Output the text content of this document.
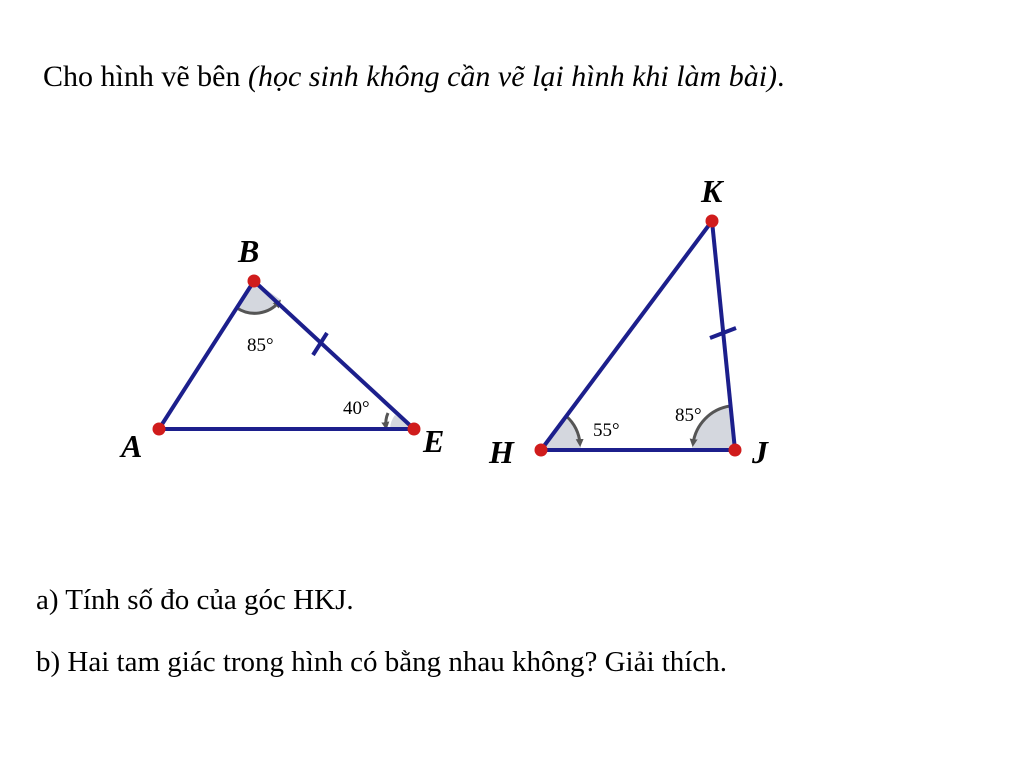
Cho hình vẽ bên (học sinh không cần vẽ lại hình khi làm bài).
A
B
E
85°
40°
H
K
J
55°
85°
a) Tính số đo của góc HKJ.
b) Hai tam giác trong hình có bằng nhau không? Giải thích.
